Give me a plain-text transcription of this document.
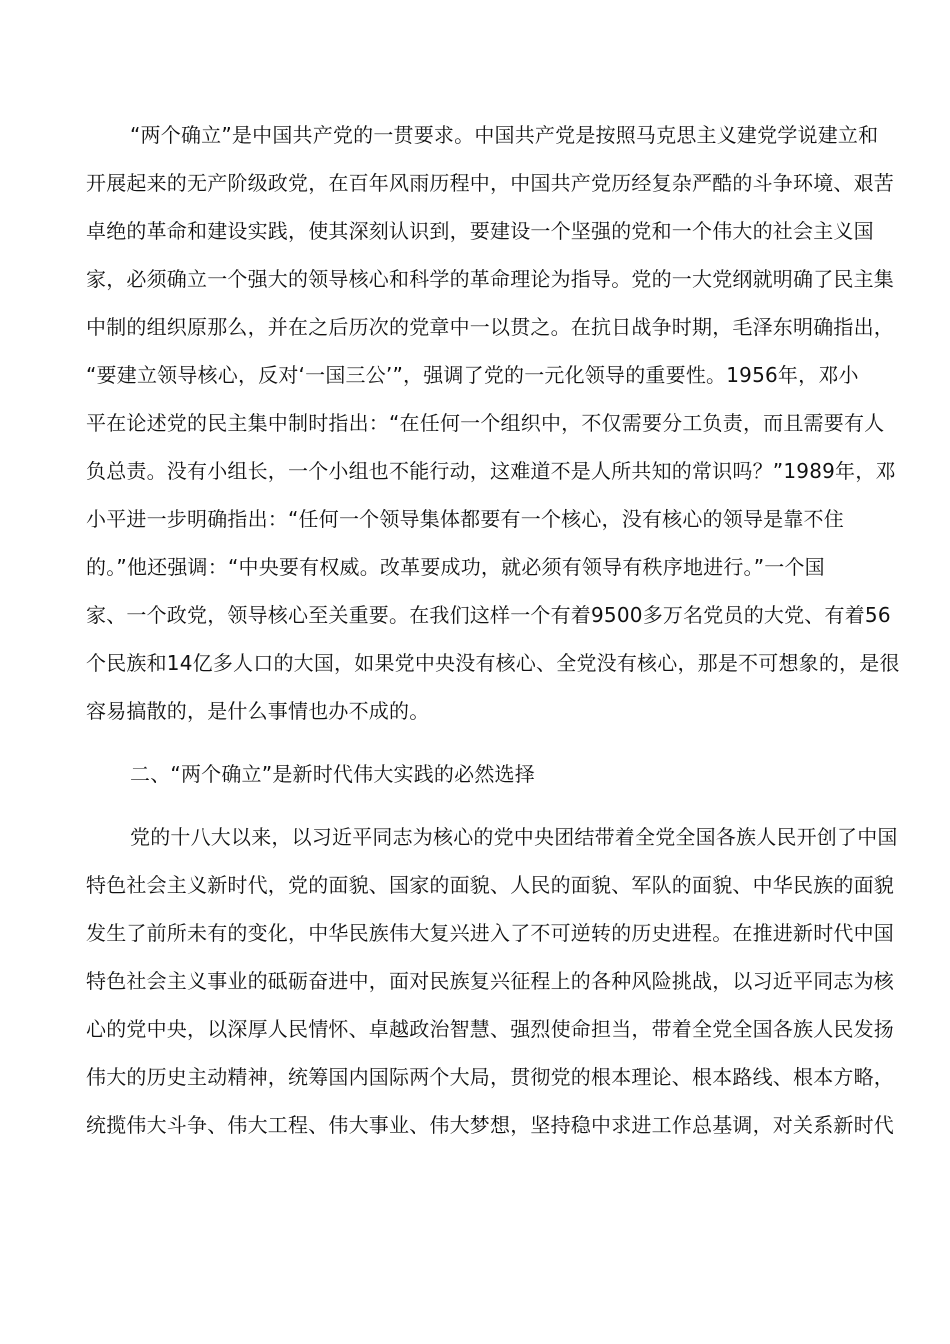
“两个确立”是中国共产党的一贯要求。中国共产党是按照马克思主义建党学说建立和
开展起来的无产阶级政党，在百年风雨历程中，中国共产党历经复杂严酷的斗争环境、艰苦
卓绝的革命和建设实践，使其深刻认识到，要建设一个坚强的党和一个伟大的社会主义国
家，必须确立一个强大的领导核心和科学的革命理论为指导。党的一大党纲就明确了民主集
中制的组织原那么，并在之后历次的党章中一以贯之。在抗日战争时期，毛泽东明确指出，
“要建立领导核心，反对‘一国三公’”，强调了党的一元化领导的重要性。1956年，邓小
平在论述党的民主集中制时指出：“在任何一个组织中，不仅需要分工负责，而且需要有人
负总责。没有小组长，一个小组也不能行动，这难道不是人所共知的常识吗？”1989年，邓
小平进一步明确指出：“任何一个领导集体都要有一个核心，没有核心的领导是靠不住
的。”他还强调：“中央要有权威。改革要成功，就必须有领导有秩序地进行。”一个国
家、一个政党，领导核心至关重要。在我们这样一个有着9500多万名党员的大党、有着56
个民族和14亿多人口的大国，如果党中央没有核心、全党没有核心，那是不可想象的，是很
容易搞散的，是什么事情也办不成的。
二、“两个确立”是新时代伟大实践的必然选择
党的十八大以来，以习近平同志为核心的党中央团结带着全党全国各族人民开创了中国
特色社会主义新时代，党的面貌、国家的面貌、人民的面貌、军队的面貌、中华民族的面貌
发生了前所未有的变化，中华民族伟大复兴进入了不可逆转的历史进程。在推进新时代中国
特色社会主义事业的砥砺奋进中，面对民族复兴征程上的各种风险挑战，以习近平同志为核
心的党中央，以深厚人民情怀、卓越政治智慧、强烈使命担当，带着全党全国各族人民发扬
伟大的历史主动精神，统筹国内国际两个大局，贯彻党的根本理论、根本路线、根本方略，
统揽伟大斗争、伟大工程、伟大事业、伟大梦想，坚持稳中求进工作总基调，对关系新时代
